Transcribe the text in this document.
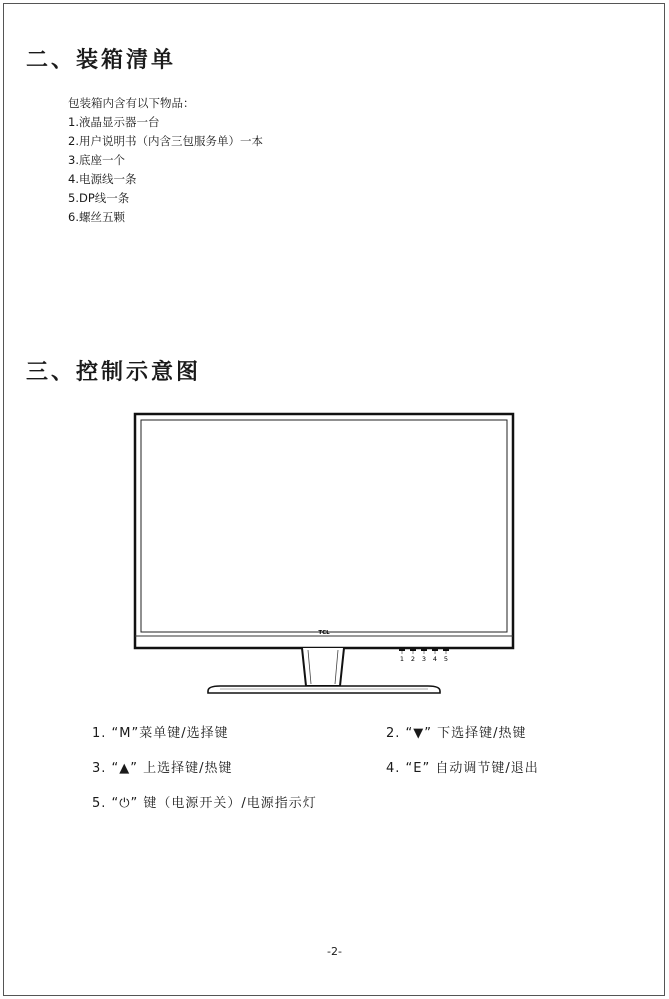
二、装箱清单
包装箱内含有以下物品：
1.液晶显示器一台
2.用户说明书（内含三包服务单）一本
3.底座一个
4.电源线一条
5.DP线一条
6.螺丝五颗
三、控制示意图
TCL
1 2 3 4 5
1. “M”菜单键/选择键	2. “▼” 下选择键/热键
3. “▲” 上选择键/热键	4. “E” 自动调节键/退出
5. “⏻” 键（电源开关）/电源指示灯
-2-
